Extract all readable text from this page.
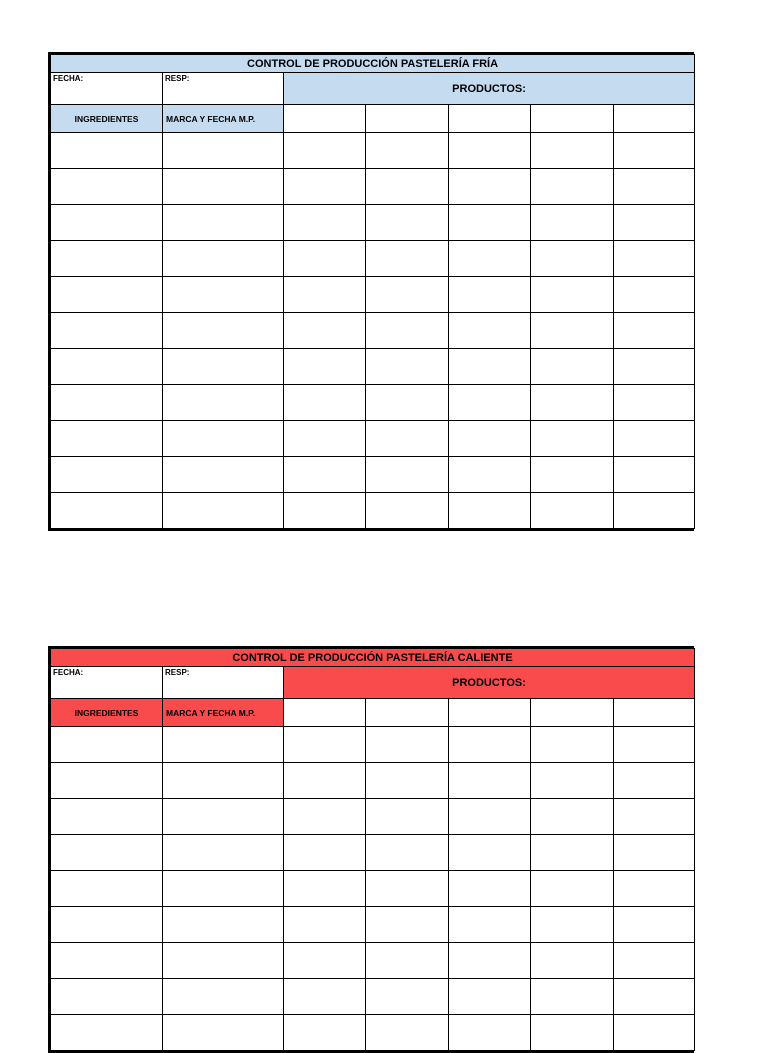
CONTROL DE PRODUCCIÓN PASTELERÍA FRÍA						
FECHA:	RESP:	PRODUCTOS:				
INGREDIENTES	MARCA Y FECHA M.P.					

CONTROL DE PRODUCCIÓN PASTELERÍA CALIENTE						
FECHA:	RESP:	PRODUCTOS:				
INGREDIENTES	MARCA Y FECHA M.P.					
